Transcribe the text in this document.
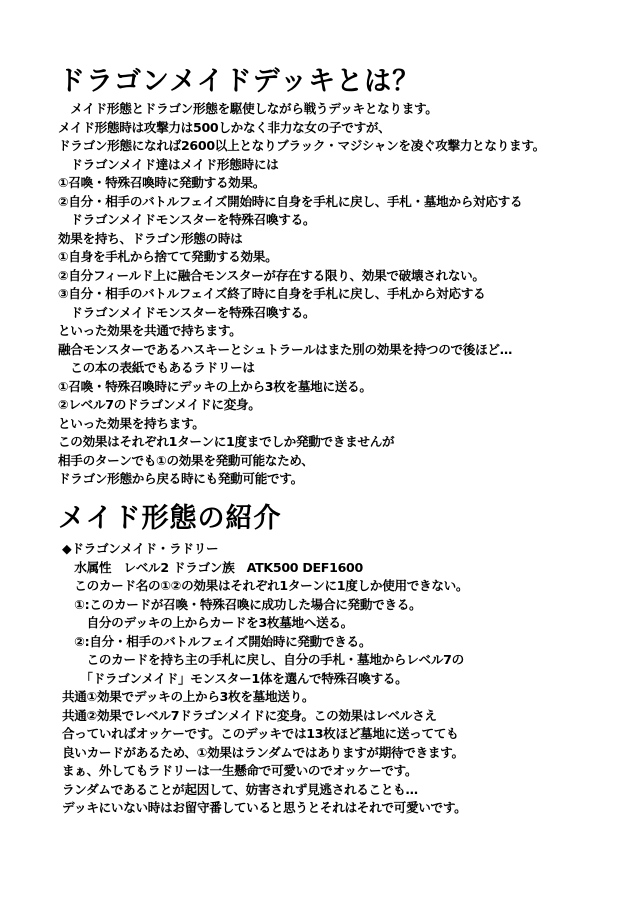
ドラゴンメイドデッキとは？

　メイド形態とドラゴン形態を駆使しながら戦うデッキとなります。

メイド形態時は攻撃力は500しかなく非力な女の子ですが、

ドラゴン形態になれば2600以上となりブラック・マジシャンを凌ぐ攻撃力となります。

　ドラゴンメイド達はメイド形態時には

①召喚・特殊召喚時に発動する効果。

②自分・相手のバトルフェイズ開始時に自身を手札に戻し、手札・墓地から対応する

　ドラゴンメイドモンスターを特殊召喚する。

効果を持ち、ドラゴン形態の時は

①自身を手札から捨てて発動する効果。

②自分フィールド上に融合モンスターが存在する限り、効果で破壊されない。

③自分・相手のバトルフェイズ終了時に自身を手札に戻し、手札から対応する

　ドラゴンメイドモンスターを特殊召喚する。

といった効果を共通で持ちます。

融合モンスターであるハスキーとシュトラールはまた別の効果を持つので後ほど…

　この本の表紙でもあるラドリーは

①召喚・特殊召喚時にデッキの上から3枚を墓地に送る。

②レベル7のドラゴンメイドに変身。

といった効果を持ちます。

この効果はそれぞれ1ターンに1度までしか発動できませんが

相手のターンでも①の効果を発動可能なため、

ドラゴン形態から戻る時にも発動可能です。

メイド形態の紹介

◆ドラゴンメイド・ラドリー

　水属性　レベル2 ドラゴン族　ATK500 DEF1600

　このカード名の①②の効果はそれぞれ1ターンに1度しか使用できない。

　①:このカードが召喚・特殊召喚に成功した場合に発動できる。

　　自分のデッキの上からカードを3枚墓地へ送る。

　②:自分・相手のバトルフェイズ開始時に発動できる。

　　このカードを持ち主の手札に戻し、自分の手札・墓地からレベル7の

　　「ドラゴンメイド」モンスター1体を選んで特殊召喚する。

共通①効果でデッキの上から3枚を墓地送り。

共通②効果でレベル7ドラゴンメイドに変身。この効果はレベルさえ

合っていればオッケーです。このデッキでは13枚ほど墓地に送ってても

良いカードがあるため、①効果はランダムではありますが期待できます。

まぁ、外してもラドリーは一生懸命で可愛いのでオッケーです。

ランダムであることが起因して、妨害されず見逃されることも…

デッキにいない時はお留守番していると思うとそれはそれで可愛いです。
